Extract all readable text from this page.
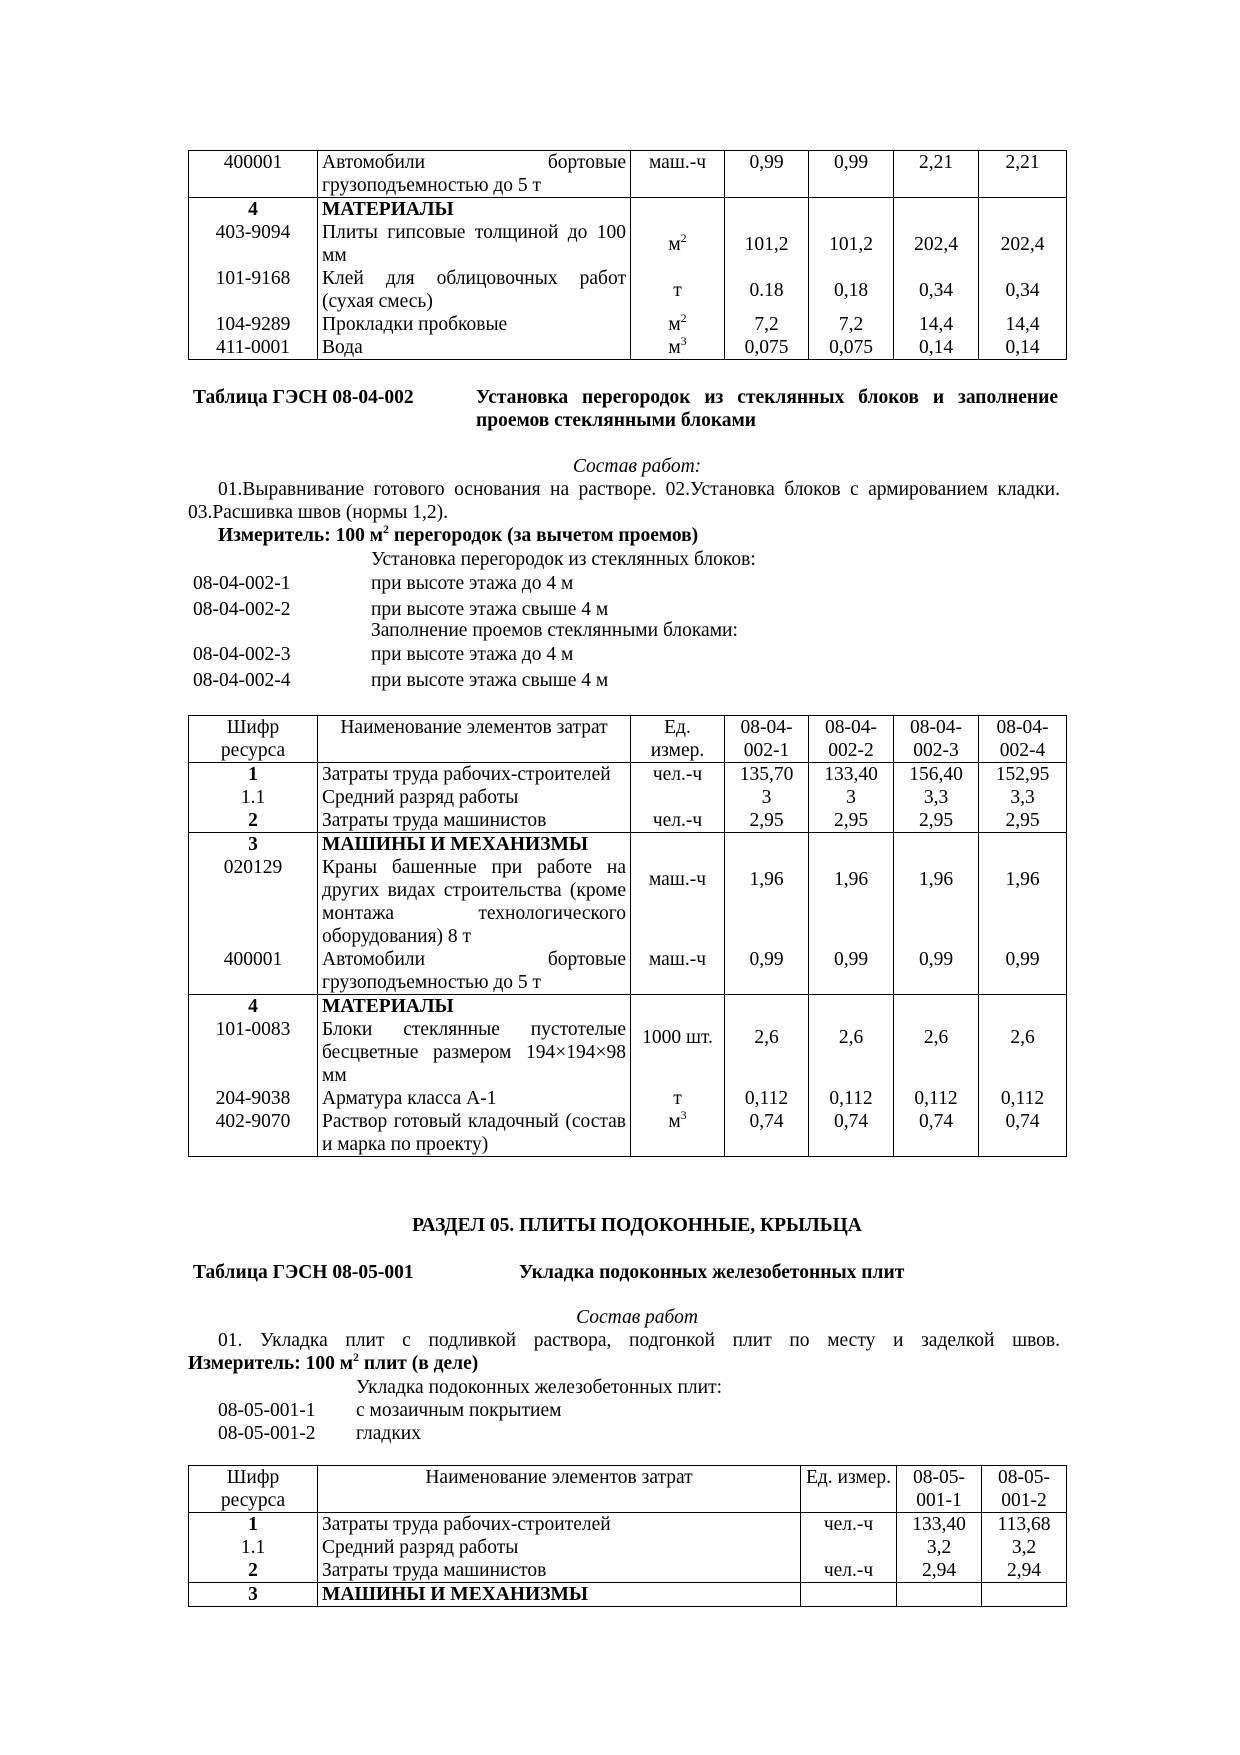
400001	Автомобили бортовые грузоподъемностью до 5 т	маш.-ч	0,99	0,99	2,21	2,21
4	МАТЕРИАЛЫ					
403-9094	Плиты гипсовые толщиной до 100 мм	$м^2$	101,2	101,2	202,4	202,4
101-9168	Клей для облицовочных работ (сухая смесь)	т	0.18	0,18	0,34	0,34
104-9289	Прокладки пробковые	$м^2$	7,2	7,2	14,4	14,4
411-0001	Вода	$м^3$	0,075	0,075	0,14	0,14
Таблица ГЭСН 08-04-002	Установка перегородок из стеклянных блоков и заполнение проемов стеклянными блоками
Состав работ:
01.Выравнивание готового основания на растворе. 02.Установка блоков с армированием кладки. 03.Расшивка швов (нормы 1,2).
Измеритель: 100 $м^2$ перегородок (за вычетом проемов)
Установка перегородок из стеклянных блоков:
08-04-002-1	при высоте этажа до 4 м
08-04-002-2	при высоте этажа свыше 4 м
Заполнение проемов стеклянными блоками:
08-04-002-3	при высоте этажа до 4 м
08-04-002-4	при высоте этажа свыше 4 м
Шифр ресурса	Наименование элементов затрат	Ед. измер.	08-04-002-1	08-04-002-2	08-04-002-3	08-04-002-4
1	Затраты труда рабочих-строителей	чел.-ч	135,70	133,40	156,40	152,95
1.1	Средний разряд работы		3	3	3,3	3,3
2	Затраты труда машинистов	чел.-ч	2,95	2,95	2,95	2,95
3	МАШИНЫ И МЕХАНИЗМЫ					
020129	Краны башенные при работе на других видах строительства (кроме монтажа технологического оборудования) 8 т	маш.-ч	1,96	1,96	1,96	1,96
400001	Автомобили бортовые грузоподъемностью до 5 т	маш.-ч	0,99	0,99	0,99	0,99
4	МАТЕРИАЛЫ					
101-0083	Блоки стеклянные пустотелые бесцветные размером 194×194×98 мм	1000 шт.	2,6	2,6	2,6	2,6
204-9038	Арматура класса А-1	т	0,112	0,112	0,112	0,112
402-9070	Раствор готовый кладочный (состав и марка по проекту)	$м^3$	0,74	0,74	0,74	0,74
РАЗДЕЛ 05. ПЛИТЫ ПОДОКОННЫЕ, КРЫЛЬЦА
Таблица ГЭСН 08-05-001	Укладка подоконных железобетонных плит
Состав работ
01. Укладка плит с подливкой раствора, подгонкой плит по месту и заделкой швов.
Измеритель: 100 $м^2$ плит (в деле)
Укладка подоконных железобетонных плит:
08-05-001-1 с мозаичным покрытием
08-05-001-2 гладких
Шифр ресурса	Наименование элементов затрат	Ед. измер.	08-05-001-1	08-05-001-2
1	Затраты труда рабочих-строителей	чел.-ч	133,40	113,68
1.1	Средний разряд работы		3,2	3,2
2	Затраты труда машинистов	чел.-ч	2,94	2,94
3	МАШИНЫ И МЕХАНИЗМЫ			
